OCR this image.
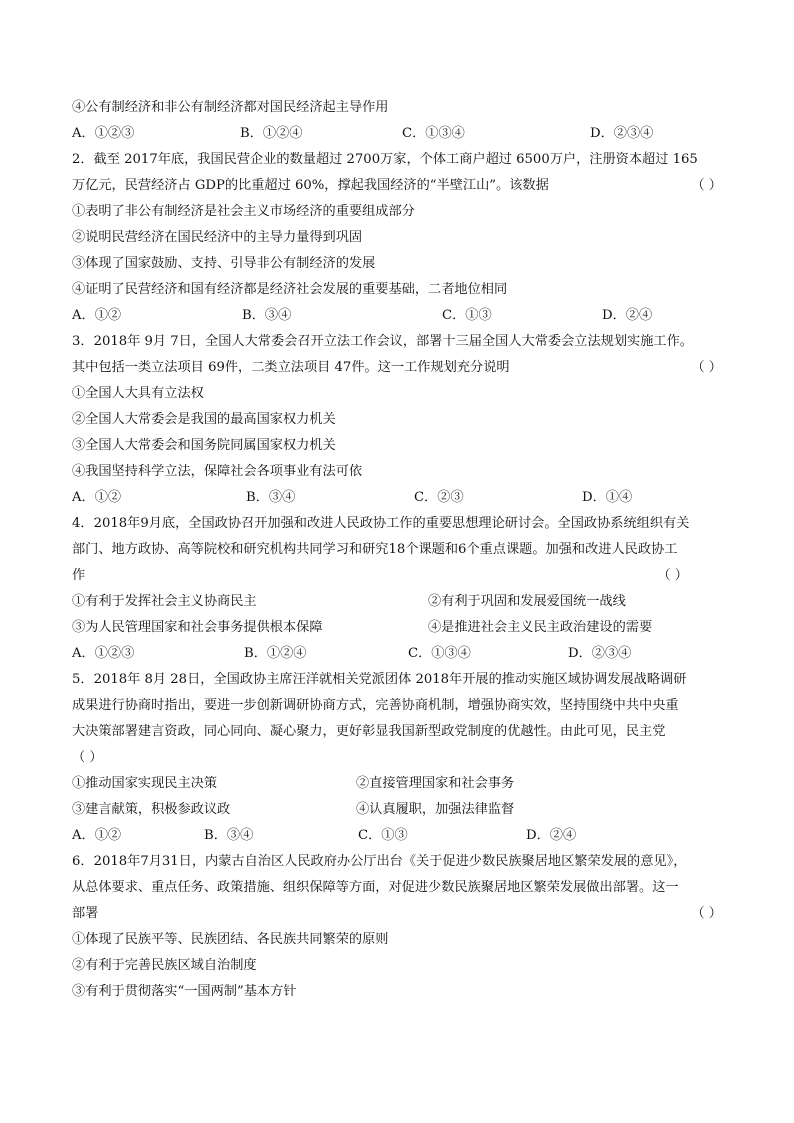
④公有制经济和非公有制经济都对国民经济起主导作用
A．①②③	B．①②④	C．①③④	D．②③④
2．截至 2017年底，我国民营企业的数量超过 2700万家，个体工商户超过 6500万户，注册资本超过 165
万亿元，民营经济占 GDP的比重超过 60%，撑起我国经济的“半壁江山”。该数据	（ ）
①表明了非公有制经济是社会主义市场经济的重要组成部分
②说明民营经济在国民经济中的主导力量得到巩固
③体现了国家鼓励、支持、引导非公有制经济的发展
④证明了民营经济和国有经济都是经济社会发展的重要基础，二者地位相同
A．①②	B．③④	C．①③	D．②④
3．2018年 9月 7日，全国人大常委会召开立法工作会议，部署十三届全国人大常委会立法规划实施工作。
其中包括一类立法项目 69件，二类立法项目 47件。这一工作规划充分说明	（ ）
①全国人大具有立法权
②全国人大常委会是我国的最高国家权力机关
③全国人大常委会和国务院同属国家权力机关
④我国坚持科学立法，保障社会各项事业有法可依
A．①②	B．③④	C．②③	D．①④
4．2018年9月底，全国政协召开加强和改进人民政协工作的重要思想理论研讨会。全国政协系统组织有关
部门、地方政协、高等院校和研究机构共同学习和研究18个课题和6个重点课题。加强和改进人民政协工
作	（ ）
①有利于发挥社会主义协商民主	②有利于巩固和发展爱国统一战线
③为人民管理国家和社会事务提供根本保障	④是推进社会主义民主政治建设的需要
A．①②③	B．①②④	C．①③④	D．②③④
5．2018年 8月 28日，全国政协主席汪洋就相关党派团体 2018年开展的推动实施区域协调发展战略调研
成果进行协商时指出，要进一步创新调研协商方式，完善协商机制，增强协商实效，坚持围绕中共中央重
大决策部署建言资政，同心同向、凝心聚力，更好彰显我国新型政党制度的优越性。由此可见，民主党
（ ）
①推动国家实现民主决策	②直接管理国家和社会事务
③建言献策，积极参政议政	④认真履职，加强法律监督
A．①②	B．③④	C．①③	D．②④
6．2018年7月31日，内蒙古自治区人民政府办公厅出台《关于促进少数民族聚居地区繁荣发展的意见》，
从总体要求、重点任务、政策措施、组织保障等方面，对促进少数民族聚居地区繁荣发展做出部署。这一
部署	（ ）
①体现了民族平等、民族团结、各民族共同繁荣的原则
②有利于完善民族区域自治制度
③有利于贯彻落实“一国两制”基本方针
